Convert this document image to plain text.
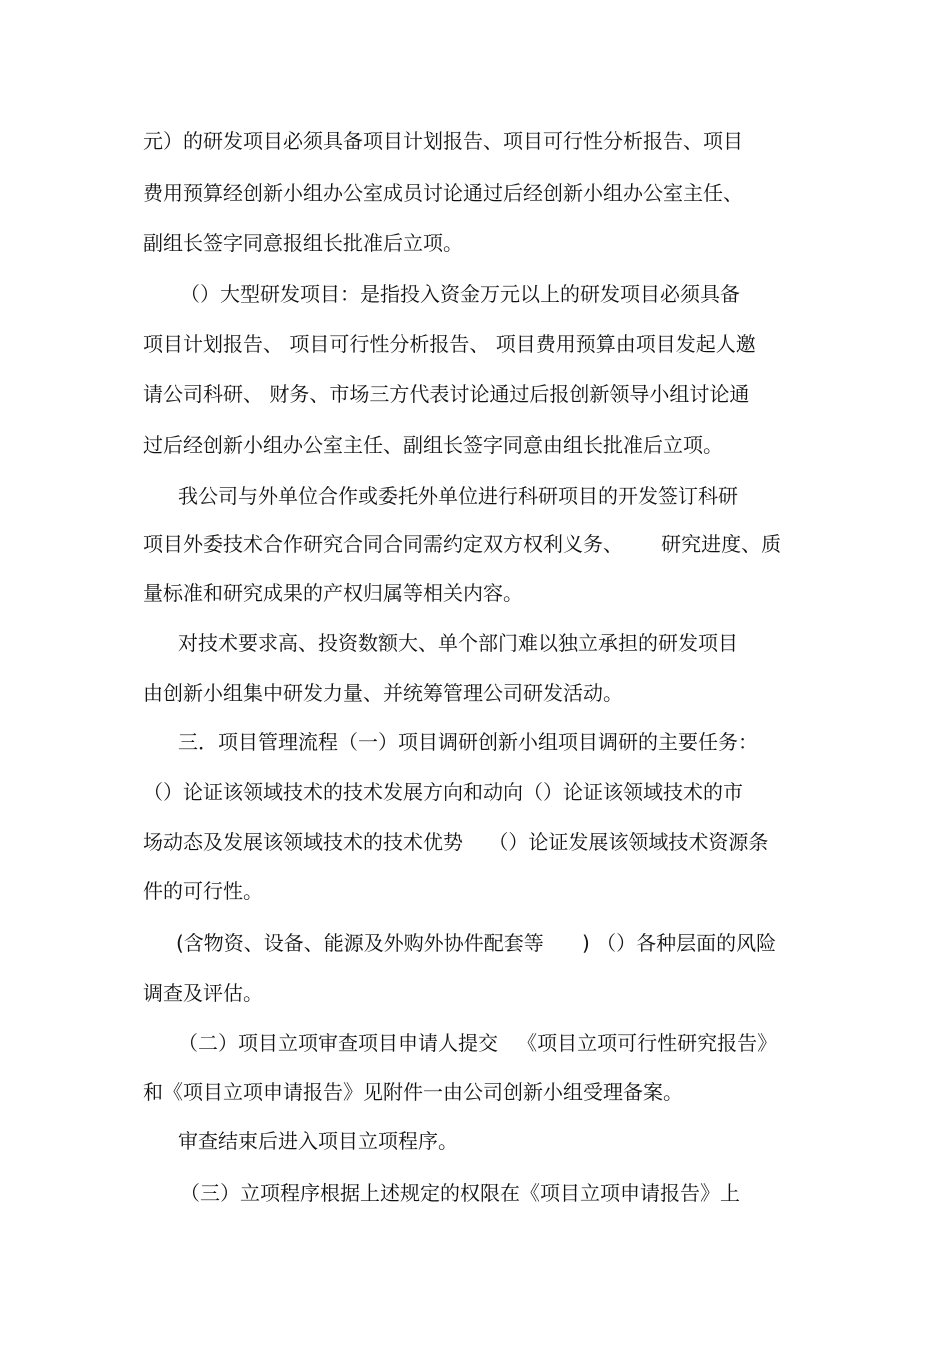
元）的研发项目必须具备项目计划报告、项目可行性分析报告、项目

费用预算经创新小组办公室成员讨论通过后经创新小组办公室主任、

副组长签字同意报组长批准后立项。

（）大型研发项目：是指投入资金万元以上的研发项目必须具备

项目计划报告、 项目可行性分析报告、 项目费用预算由项目发起人邀

请公司科研、 财务、市场三方代表讨论通过后报创新领导小组讨论通

过后经创新小组办公室主任、副组长签字同意由组长批准后立项。

我公司与外单位合作或委托外单位进行科研项目的开发签订科研

项目外委技术合作研究合同合同需约定双方权利义务、      研究进度、质

量标准和研究成果的产权归属等相关内容。

对技术要求高、投资数额大、单个部门难以独立承担的研发项目

由创新小组集中研发力量、并统筹管理公司研发活动。

三．项目管理流程（一）项目调研创新小组项目调研的主要任务：

（）论证该领域技术的技术发展方向和动向（）论证该领域技术的市

场动态及发展该领域技术的技术优势    （）论证发展该领域技术资源条

件的可行性。

(含物资、设备、能源及外购外协件配套等      ) （）各种层面的风险

调查及评估。

（二）项目立项审查项目申请人提交   《项目立项可行性研究报告》

和《项目立项申请报告》见附件一由公司创新小组受理备案。

审查结束后进入项目立项程序。

（三）立项程序根据上述规定的权限在《项目立项申请报告》上
